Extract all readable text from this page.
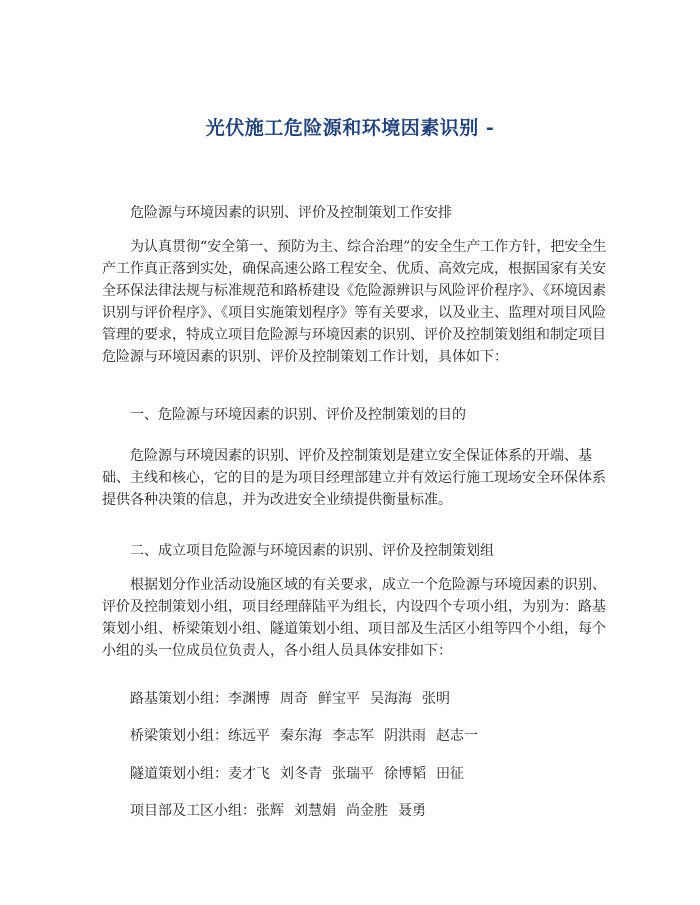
光伏施工危险源和环境因素识别 -

危险源与环境因素的识别、评价及控制策划工作安排

为认真贯彻“安全第一、预防为主、综合治理”的安全生产工作方针，把安全生产工作真正落到实处，确保高速公路工程安全、优质、高效完成，根据国家有关安全环保法律法规与标准规范和路桥建设《危险源辨识与风险评价程序》、《环境因素识别与评价程序》、《项目实施策划程序》等有关要求，以及业主、监理对项目风险管理的要求，特成立项目危险源与环境因素的识别、评价及控制策划组和制定项目危险源与环境因素的识别、评价及控制策划工作计划，具体如下：

一、危险源与环境因素的识别、评价及控制策划的目的

危险源与环境因素的识别、评价及控制策划是建立安全保证体系的开端、基础、主线和核心，它的目的是为项目经理部建立并有效运行施工现场安全环保体系提供各种决策的信息，并为改进安全业绩提供衡量标准。

二、成立项目危险源与环境因素的识别、评价及控制策划组

根据划分作业活动设施区域的有关要求，成立一个危险源与环境因素的识别、评价及控制策划小组，项目经理薛陆平为组长，内设四个专项小组，为别为：路基策划小组、桥梁策划小组、隧道策划小组、项目部及生活区小组等四个小组，每个小组的头一位成员位负责人，各小组人员具体安排如下：

路基策划小组：李渊博 周奇 鲜宝平 吴海海 张明

桥梁策划小组：练远平 秦东海 李志军 阴洪雨 赵志一

隧道策划小组：麦才飞 刘冬青 张瑞平 徐博韬 田征

项目部及工区小组：张辉 刘慧娟 尚金胜 聂勇
